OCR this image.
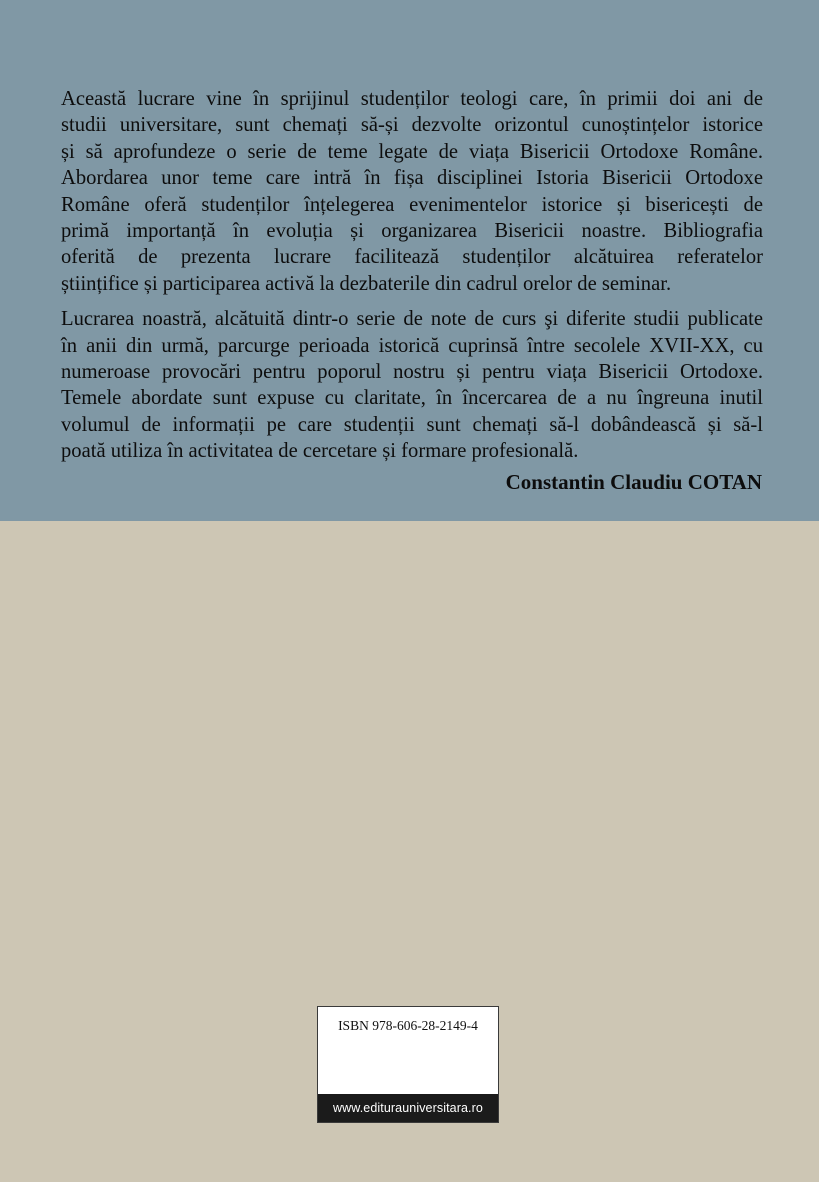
Această lucrare vine în sprijinul studenților teologi care, în primii doi ani de

studii universitare, sunt chemați să-și dezvolte orizontul cunoștințelor istorice

și să aprofundeze o serie de teme legate de viața Bisericii Ortodoxe Române.

Abordarea unor teme care intră în fișa disciplinei Istoria Bisericii Ortodoxe

Române oferă studenților înțelegerea evenimentelor istorice și bisericești de

primă importanță în evoluția și organizarea Bisericii noastre. Bibliografia

oferită de prezenta lucrare facilitează studenților alcătuirea referatelor

științifice și participarea activă la dezbaterile din cadrul orelor de seminar.

Lucrarea noastră, alcătuită dintr-o serie de note de curs şi diferite studii publicate

în anii din urmă, parcurge perioada istorică cuprinsă între secolele XVII-XX, cu

numeroase provocări pentru poporul nostru și pentru viața Bisericii Ortodoxe.

Temele abordate sunt expuse cu claritate, în încercarea de a nu îngreuna inutil

volumul de informații pe care studenții sunt chemați să-l dobândească și să-l

poată utiliza în activitatea de cercetare și formare profesională.

Constantin Claudiu COTAN
ISBN 978-606-28-2149-4
www.editurauniversitara.ro
